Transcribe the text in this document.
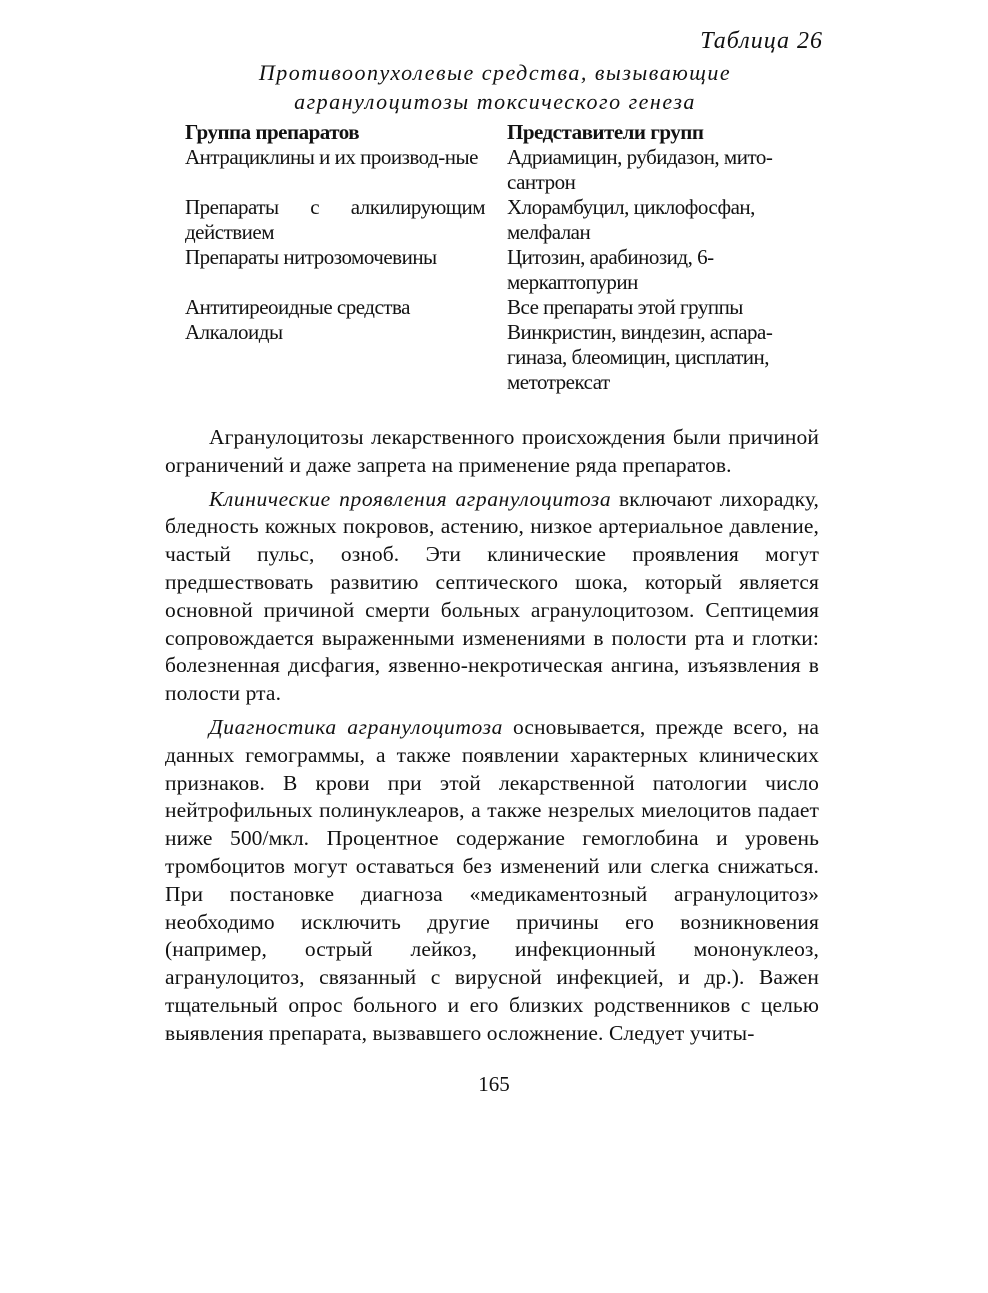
Таблица 26
Противоопухолевые средства, вызывающие
агранулоцитозы токсического генеза
Группа препаратов	Представители групп
Антрациклины и их производ-ные	Адриамицин, рубидазон, мито-сантрон
Препараты с алкилирующим действием	Хлорамбуцил, циклофосфан, мелфалан
Препараты нитрозомочевины	Цитозин, арабинозид, 6-меркаптопурин
Антитиреоидные средства	Все препараты этой группы
Алкалоиды	Винкристин, виндезин, аспара-гиназа, блеомицин, цисплатин, метотрексат

Агранулоцитозы лекарственного происхождения были причиной ограничений и даже запрета на применение ряда препаратов.

Клинические проявления агранулоцитоза включают лихорадку, бледность кожных покровов, астению, низкое артериальное давление, частый пульс, озноб. Эти клинические проявления могут предшествовать развитию септического шока, который является основной причиной смерти больных агранулоцитозом. Септицемия сопровождается выраженными изменениями в полости рта и глотки: болезненная дисфагия, язвенно-некротическая ангина, изъязвления в полости рта.

Диагностика агранулоцитоза основывается, прежде всего, на данных гемограммы, а также появлении характерных клинических признаков. В крови при этой лекарственной патологии число нейтрофильных полинуклеаров, а также незрелых миелоцитов падает ниже 500/мкл. Процентное содержание гемоглобина и уровень тромбоцитов могут оставаться без изменений или слегка снижаться. При постановке диагноза «медикаментозный агранулоцитоз» необходимо исключить другие причины его возникновения (например, острый лейкоз, инфекционный мононуклеоз, агранулоцитоз, связанный с вирусной инфекцией, и др.). Важен тщательный опрос больного и его близких родственников с целью выявления препарата, вызвавшего осложнение. Следует учиты-

165
